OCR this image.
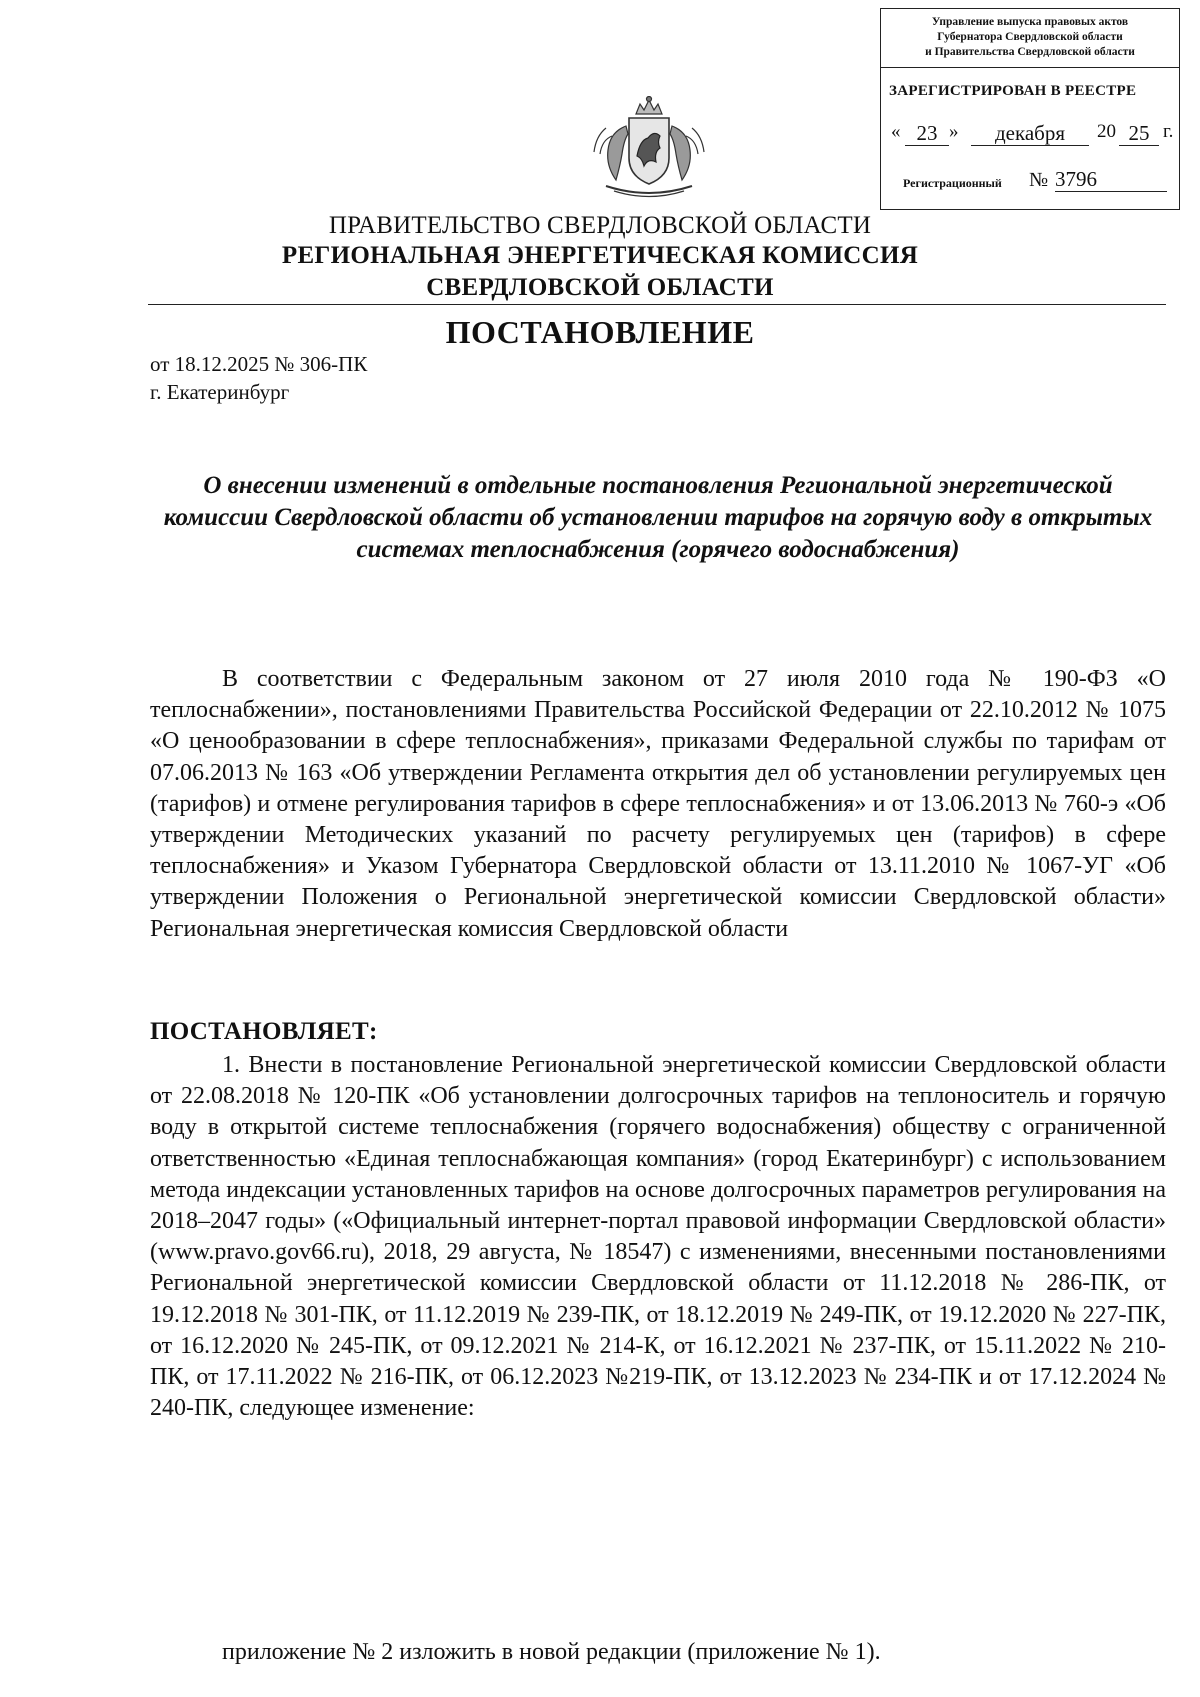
Управление выпуска правовых актов
Губернатора Свердловской области
и Правительства Свердловской области
ЗАРЕГИСТРИРОВАН В РЕЕСТРЕ
« 23 »	декабря	20 25 г.
Регистрационный № 3796
ПРАВИТЕЛЬСТВО СВЕРДЛОВСКОЙ ОБЛАСТИ
РЕГИОНАЛЬНАЯ ЭНЕРГЕТИЧЕСКАЯ КОМИССИЯ
СВЕРДЛОВСКОЙ ОБЛАСТИ
ПОСТАНОВЛЕНИЕ
от 18.12.2025 № 306-ПК
г. Екатеринбург
О внесении изменений в отдельные постановления Региональной энергетической комиссии Свердловской области об установлении тарифов на горячую воду в открытых системах теплоснабжения (горячего водоснабжения)
В соответствии с Федеральным законом от 27 июля 2010 года № 190-ФЗ «О теплоснабжении», постановлениями Правительства Российской Федерации от 22.10.2012 № 1075 «О ценообразовании в сфере теплоснабжения», приказами Федеральной службы по тарифам от 07.06.2013 № 163 «Об утверждении Регламента открытия дел об установлении регулируемых цен (тарифов) и отмене регулирования тарифов в сфере теплоснабжения» и от 13.06.2013 № 760-э «Об утверждении Методических указаний по расчету регулируемых цен (тарифов) в сфере теплоснабжения» и Указом Губернатора Свердловской области от 13.11.2010 № 1067-УГ «Об утверждении Положения о Региональной энергетической комиссии Свердловской области» Региональная энергетическая комиссия Свердловской области
ПОСТАНОВЛЯЕТ:
1. Внести в постановление Региональной энергетической комиссии Свердловской области от 22.08.2018 № 120-ПК «Об установлении долгосрочных тарифов на теплоноситель и горячую воду в открытой системе теплоснабжения (горячего водоснабжения) обществу с ограниченной ответственностью «Единая теплоснабжающая компания» (город Екатеринбург) с использованием метода индексации установленных тарифов на основе долгосрочных параметров регулирования на 2018–2047 годы» («Официальный интернет-портал правовой информации Свердловской области» (www.pravo.gov66.ru), 2018, 29 августа, № 18547) с изменениями, внесенными постановлениями Региональной энергетической комиссии Свердловской области от 11.12.2018 № 286-ПК, от 19.12.2018 № 301-ПК, от 11.12.2019 № 239-ПК, от 18.12.2019 № 249-ПК, от 19.12.2020 № 227-ПК, от 16.12.2020 № 245-ПК, от 09.12.2021 № 214-К, от 16.12.2021 № 237-ПК, от 15.11.2022 № 210-ПК, от 17.11.2022 № 216-ПК, от 06.12.2023 №219-ПК, от 13.12.2023 № 234-ПК и от 17.12.2024 № 240-ПК, следующее изменение:
приложение № 2 изложить в новой редакции (приложение № 1).
